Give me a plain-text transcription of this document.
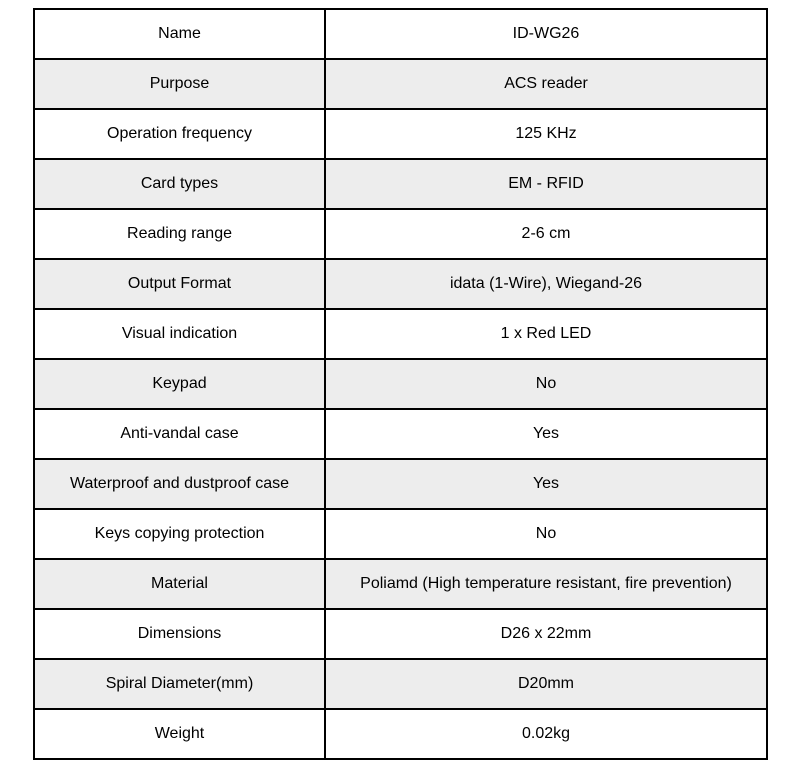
Name	ID-WG26
Purpose	ACS reader
Operation frequency	125 KHz
Card types	EM - RFID
Reading range	2-6 cm
Output Format	idata (1-Wire), Wiegand-26
Visual indication	1 x Red LED
Keypad	No
Anti-vandal case	Yes
Waterproof and dustproof case	Yes
Keys copying protection	No
Material	Poliamd (High temperature resistant, fire prevention)
Dimensions	D26 x 22mm
Spiral Diameter(mm)	D20mm
Weight	0.02kg
